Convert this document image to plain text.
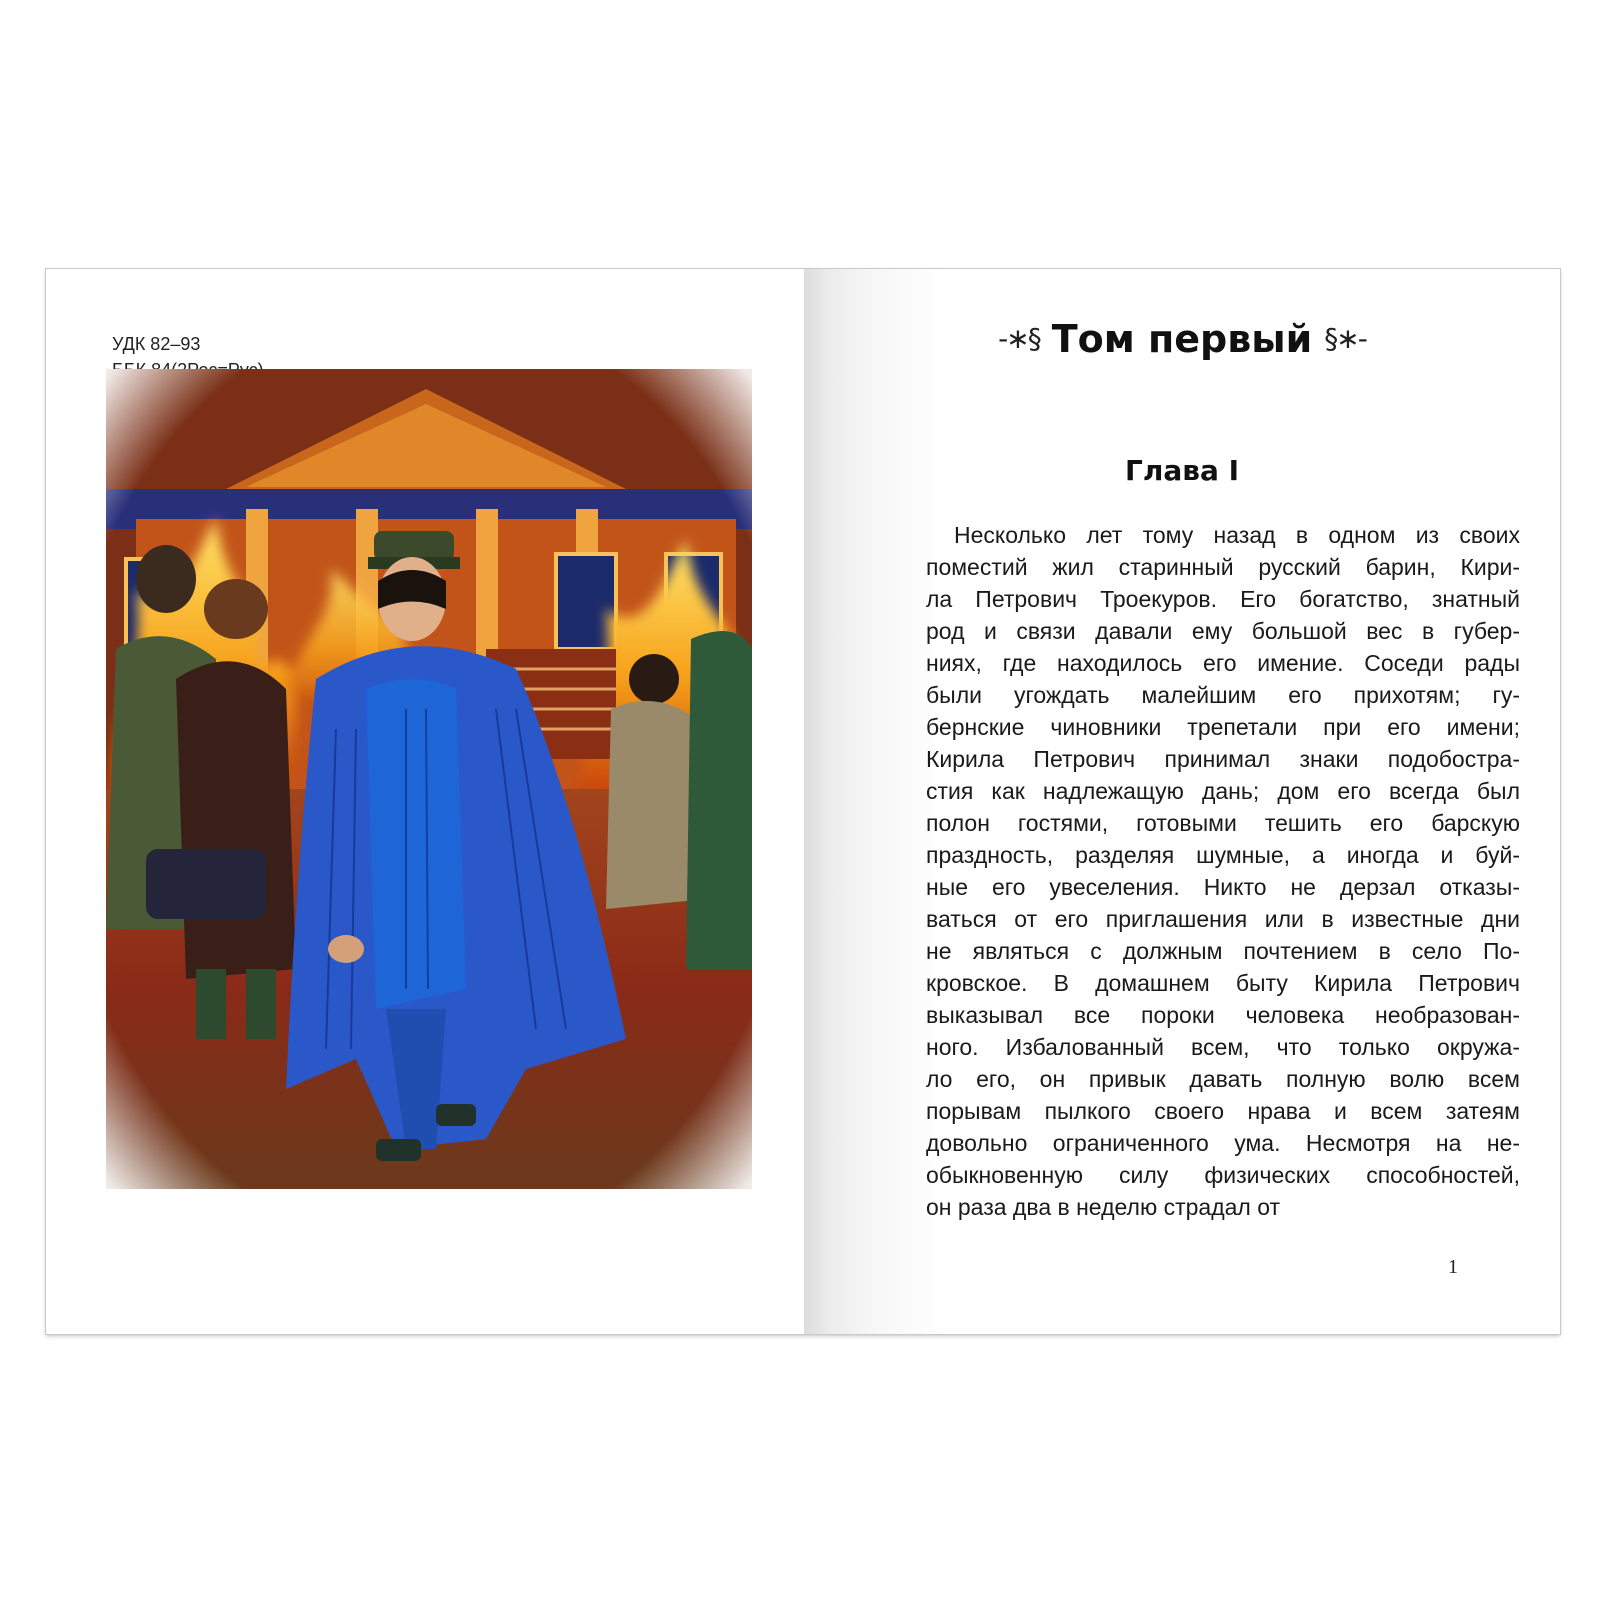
УДК 82–93	-∗§ Том первый §∗-
Глава I
Несколько лет тому назад в одном из своих
поместий жил старинный русский барин, Кири-
ла Петрович Троекуров. Его богатство, знатный
род и связи давали ему большой вес в губер-
ниях, где находилось его имение. Соседи рады
были угождать малейшим его прихотям; гу-
бернские чиновники трепетали при его имени;
Кирила Петрович принимал знаки подобостра-
стия как надлежащую дань; дом его всегда был
полон гостями, готовыми тешить его барскую
праздность, разделяя шумные, а иногда и буй-
ные его увеселения. Никто не дерзал отказы-
ваться от его приглашения или в известные дни
не являться с должным почтением в село По-
кровское. В домашнем быту Кирила Петрович
выказывал все пороки человека необразован-
ного. Избалованный всем, что только окружа-
ло его, он привык давать полную волю всем
порывам пылкого своего нрава и всем затеям
довольно ограниченного ума. Несмотря на не-
обыкновенную силу физических способностей,
он раза два в неделю страдал от
1
